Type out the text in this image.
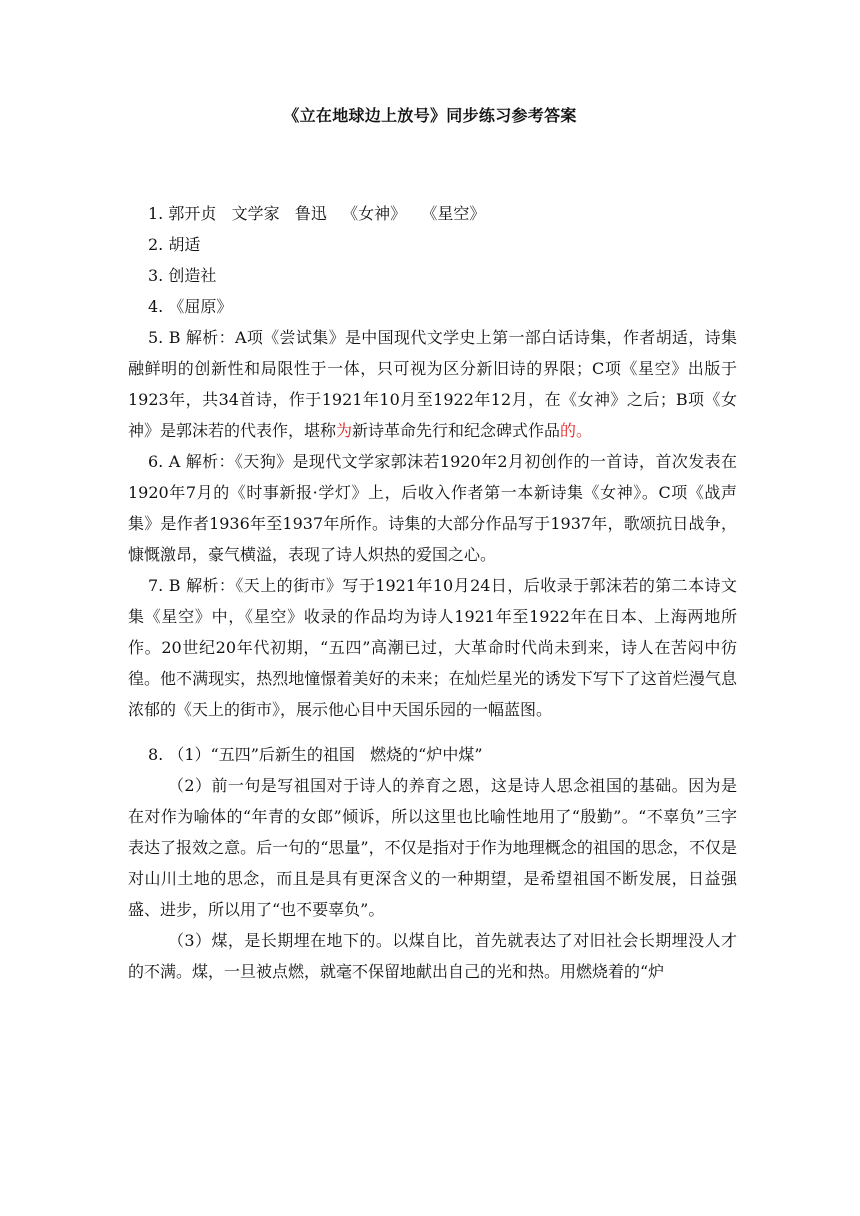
《立在地球边上放号》同步练习参考答案
1. 郭开贞   文学家   鲁迅   《女神》   《星空》
2. 胡适
3. 创造社
4. 《屈原》

5. B 解析：A项《尝试集》是中国现代文学史上第一部白话诗集，作者胡适，诗集融鲜明的创新性和局限性于一体，只可视为区分新旧诗的界限；C项《星空》出版于1923年，共34首诗，作于1921年10月至1922年12月，在《女神》之后；B项《女神》是郭沫若的代表作，堪称为新诗革命先行和纪念碑式作品的。

6. A 解析：《天狗》是现代文学家郭沫若1920年2月初创作的一首诗，首次发表在1920年7月的《时事新报·学灯》上，后收入作者第一本新诗集《女神》。C项《战声集》是作者1936年至1937年所作。诗集的大部分作品写于1937年，歌颂抗日战争，慷慨激昂，豪气横溢，表现了诗人炽热的爱国之心。

7. B 解析：《天上的街市》写于1921年10月24日，后收录于郭沫若的第二本诗文集《星空》中，《星空》收录的作品均为诗人1921年至1922年在日本、上海两地所作。20世纪20年代初期，“五四”高潮已过，大革命时代尚未到来，诗人在苦闷中彷徨。他不满现实，热烈地憧憬着美好的未来；在灿烂星光的诱发下写下了这首烂漫气息浓郁的《天上的街市》，展示他心目中天国乐园的一幅蓝图。

8. （1）“五四”后新生的祖国   燃烧的“炉中煤”

（2）前一句是写祖国对于诗人的养育之恩，这是诗人思念祖国的基础。因为是在对作为喻体的“年青的女郎”倾诉，所以这里也比喻性地用了“殷勤”。“不辜负”三字表达了报效之意。后一句的“思量”，不仅是指对于作为地理概念的祖国的思念，不仅是对山川土地的思念，而且是具有更深含义的一种期望，是希望祖国不断发展，日益强盛、进步，所以用了“也不要辜负”。

（3）煤，是长期埋在地下的。以煤自比，首先就表达了对旧社会长期埋没人才的不满。煤，一旦被点燃，就毫不保留地献出自己的光和热。用燃烧着的“炉
